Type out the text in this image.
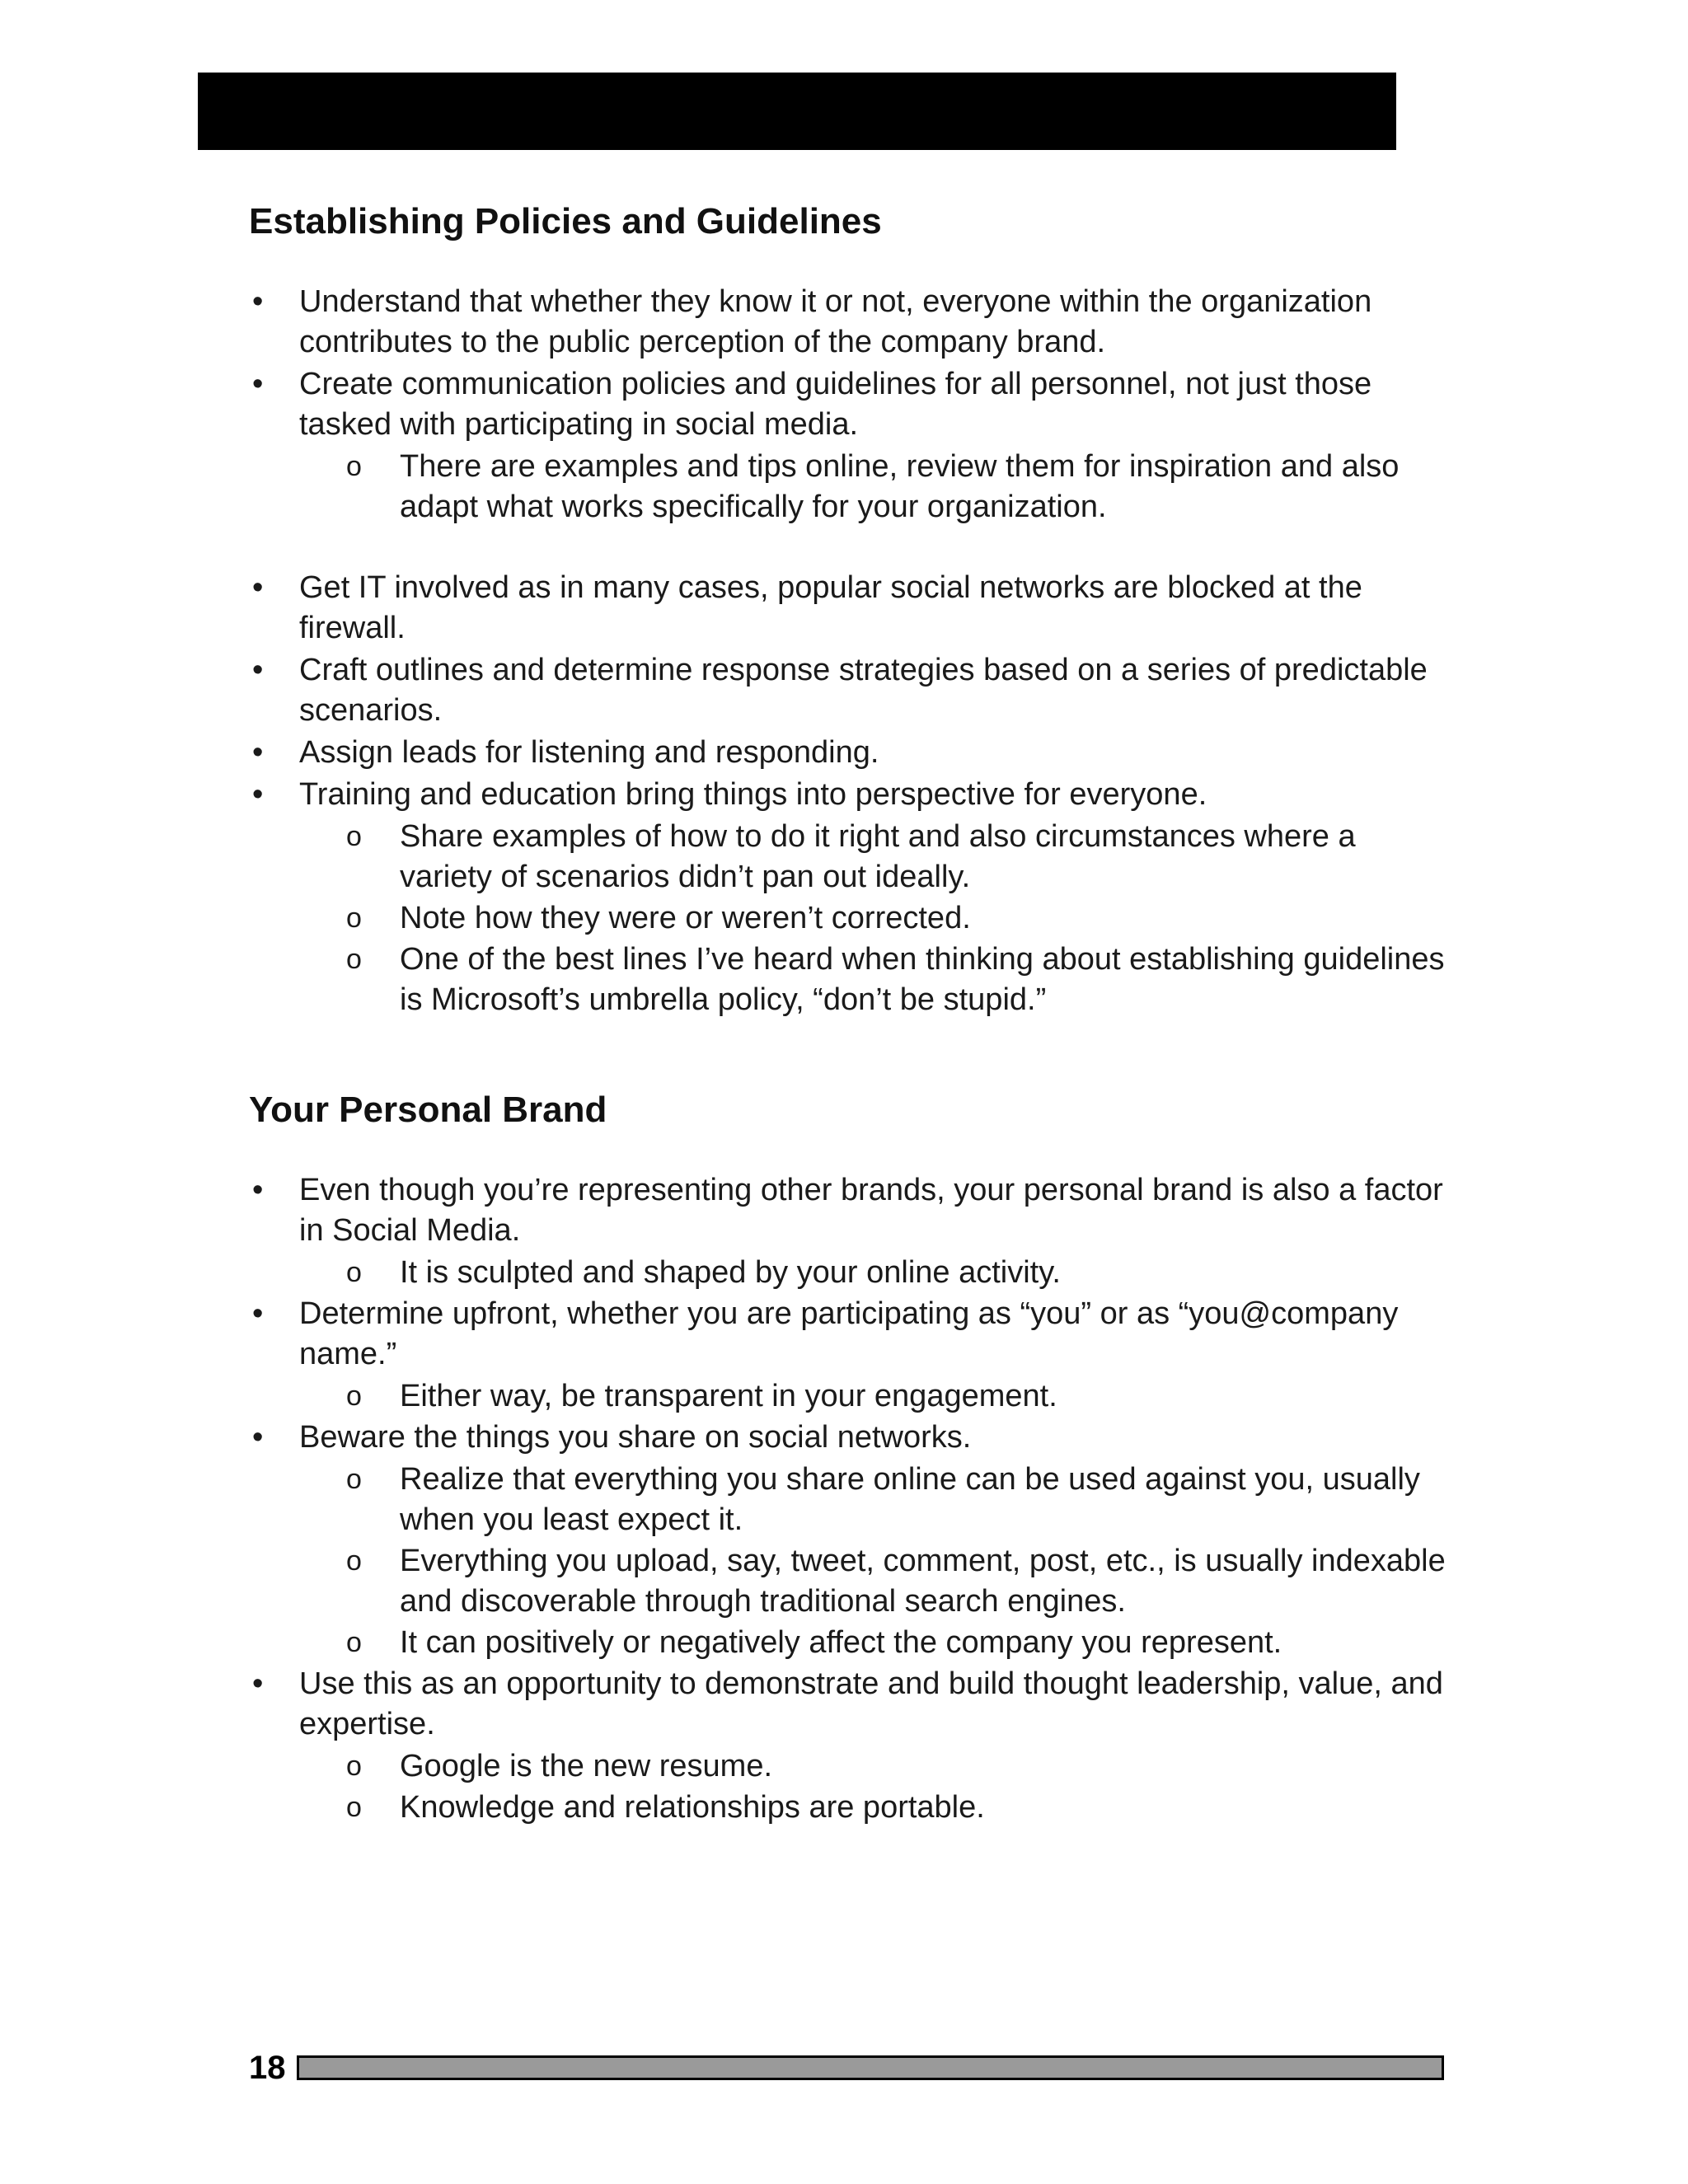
Establishing Policies and Guidelines
• Understand that whether they know it or not, everyone within the organization contributes to the public perception of the company brand.
• Create communication policies and guidelines for all personnel, not just those tasked with participating in social media.
o There are examples and tips online, review them for inspiration and also adapt what works specifically for your organization.
• Get IT involved as in many cases, popular social networks are blocked at the firewall.
• Craft outlines and determine response strategies based on a series of predictable scenarios.
• Assign leads for listening and responding.
• Training and education bring things into perspective for everyone.
o Share examples of how to do it right and also circumstances where a variety of scenarios didn’t pan out ideally.
o Note how they were or weren’t corrected.
o One of the best lines I’ve heard when thinking about establishing guidelines is Microsoft’s umbrella policy, “don’t be stupid.”
Your Personal Brand
• Even though you’re representing other brands, your personal brand is also a factor in Social Media.
o It is sculpted and shaped by your online activity.
• Determine upfront, whether you are participating as “you” or as “you@company name.”
o Either way, be transparent in your engagement.
• Beware the things you share on social networks.
o Realize that everything you share online can be used against you, usually when you least expect it.
o Everything you upload, say, tweet, comment, post, etc., is usually indexable and discoverable through traditional search engines.
o It can positively or negatively affect the company you represent.
• Use this as an opportunity to demonstrate and build thought leadership, value, and expertise.
o Google is the new resume.
o Knowledge and relationships are portable.
18
